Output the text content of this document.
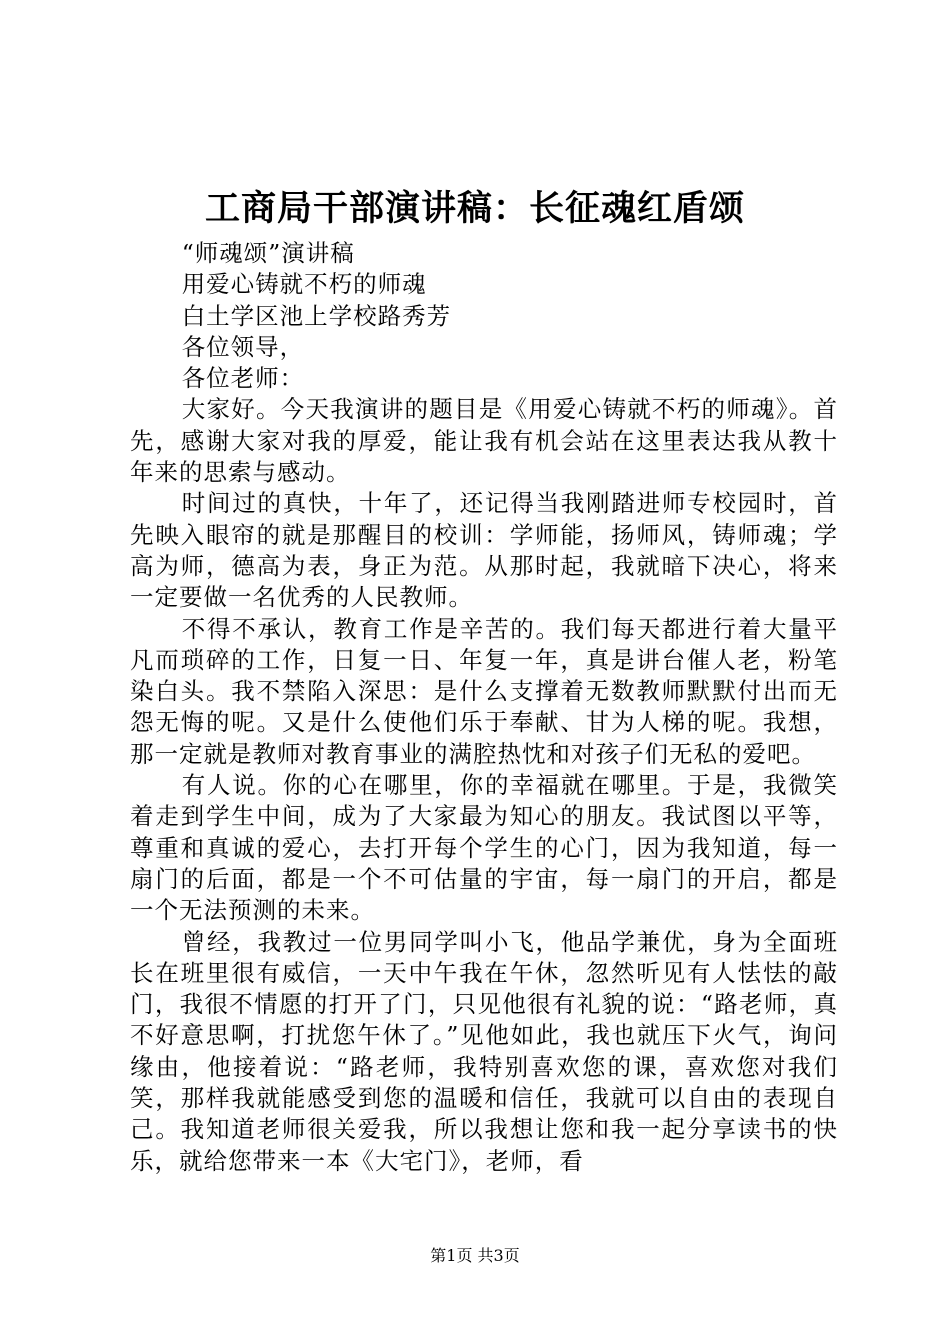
工商局干部演讲稿：长征魂红盾颂

“师魂颂”演讲稿

用爱心铸就不朽的师魂

白土学区池上学校路秀芳

各位领导，

各位老师：

大家好。今天我演讲的题目是《用爱心铸就不朽的师魂》。首先，感谢大家对我的厚爱，能让我有机会站在这里表达我从教十年来的思索与感动。

时间过的真快，十年了，还记得当我刚踏进师专校园时，首先映入眼帘的就是那醒目的校训：学师能，扬师风，铸师魂；学高为师，德高为表，身正为范。从那时起，我就暗下决心，将来一定要做一名优秀的人民教师。

不得不承认，教育工作是辛苦的。我们每天都进行着大量平凡而琐碎的工作，日复一日、年复一年，真是讲台催人老，粉笔染白头。我不禁陷入深思：是什么支撑着无数教师默默付出而无怨无悔的呢。又是什么使他们乐于奉献、甘为人梯的呢。我想，那一定就是教师对教育事业的满腔热忱和对孩子们无私的爱吧。

有人说。你的心在哪里，你的幸福就在哪里。于是，我微笑着走到学生中间，成为了大家最为知心的朋友。我试图以平等，尊重和真诚的爱心，去打开每个学生的心门，因为我知道，每一扇门的后面，都是一个不可估量的宇宙，每一扇门的开启，都是一个无法预测的未来。

曾经，我教过一位男同学叫小飞，他品学兼优，身为全面班长在班里很有威信，一天中午我在午休，忽然听见有人怯怯的敲门，我很不情愿的打开了门，只见他很有礼貌的说：“路老师，真不好意思啊，打扰您午休了。”见他如此，我也就压下火气，询问缘由，他接着说：“路老师，我特别喜欢您的课，喜欢您对我们笑，那样我就能感受到您的温暖和信任，我就可以自由的表现自己。我知道老师很关爱我，所以我想让您和我一起分享读书的快乐，就给您带来一本《大宅门》，老师，看

第1页 共3页
